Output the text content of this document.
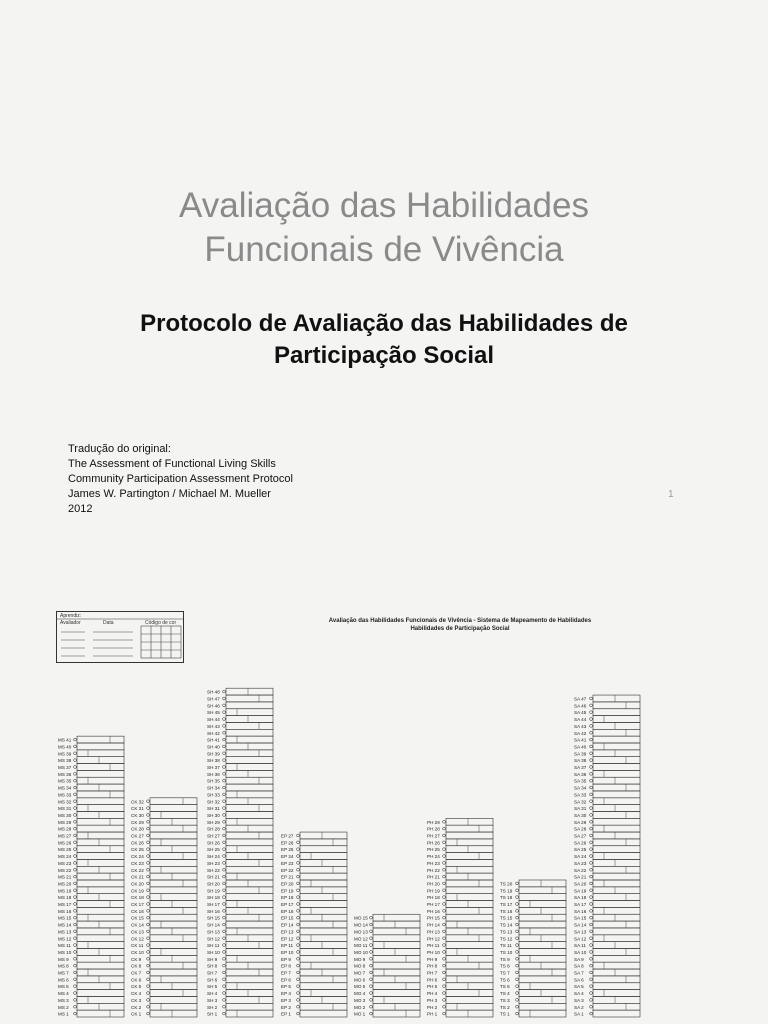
Avaliação das Habilidades
Funcionais de Vivência
Protocolo de Avaliação das Habilidades de
Participação Social
Tradução do original:
The Assessment of Functional Living Skills
Community Participation Assessment Protocol
James W. Partington / Michael M. Mueller
2012
1
Aprendiz:
Avaliador	Data	Código de cor	Avaliação das Habilidades Funcionais de Vivência - Sistema de Mapeamento de Habilidades
Habilidades de Participação Social
MS 1
MS 2
MS 3
MS 4
MS 5
MS 6
MS 7
MS 8
MS 9
MS 10
MS 11
MS 12
MS 13
MS 14
MS 15
MS 16
MS 17
MS 18
MS 19
MS 20
MS 21
MS 22
MS 23
MS 24
MS 25
MS 26
MS 27
MS 28
MS 29
MS 30
MS 31
MS 32
MS 33
MS 34
MS 35
MS 36
MS 37
MS 38
MS 39
MS 40
MS 41
CK 1
CK 2
CK 3
CK 4
CK 5
CK 6
CK 7
CK 8
CK 9
CK 10
CK 11
CK 12
CK 13
CK 14
CK 15
CK 16
CK 17
CK 18
CK 19
CK 20
CK 21
CK 22
CK 23
CK 24
CK 25
CK 26
CK 27
CK 28
CK 29
CK 30
CK 31
CK 32
SH 1
SH 2
SH 3
SH 4
SH 5
SH 6
SH 7
SH 8
SH 9
SH 10
SH 11
SH 12
SH 13
SH 14
SH 15
SH 16
SH 17
SH 18
SH 19
SH 20
SH 21
SH 22
SH 23
SH 24
SH 25
SH 26
SH 27
SH 28
SH 29
SH 30
SH 31
SH 32
SH 33
SH 34
SH 35
SH 36
SH 37
SH 38
SH 39
SH 40
SH 41
SH 42
SH 43
SH 44
SH 45
SH 46
SH 47
SH 48
EP 1
EP 2
EP 3
EP 4
EP 5
EP 6
EP 7
EP 8
EP 9
EP 10
EP 11
EP 12
EP 13
EP 14
EP 15
EP 16
EP 17
EP 18
EP 19
EP 20
EP 21
EP 22
EP 23
EP 24
EP 25
EP 26
EP 27
MO 1
MO 2
MO 3
MO 4
MO 5
MO 6
MO 7
MO 8
MO 9
MO 10
MO 11
MO 12
MO 13
MO 14
MO 15
PH 1
PH 2
PH 3
PH 4
PH 5
PH 6
PH 7
PH 8
PH 9
PH 10
PH 11
PH 12
PH 13
PH 14
PH 15
PH 16
PH 17
PH 18
PH 19
PH 20
PH 21
PH 22
PH 23
PH 24
PH 25
PH 26
PH 27
PH 28
PH 29
TS 1
TS 2
TS 3
TS 4
TS 5
TS 6
TS 7
TS 8
TS 9
TS 10
TS 11
TS 12
TS 13
TS 14
TS 15
TS 16
TS 17
TS 18
TS 19
TS 20
SA 1
SA 2
SA 3
SA 4
SA 5
SA 6
SA 7
SA 8
SA 9
SA 10
SA 11
SA 12
SA 13
SA 14
SA 15
SA 16
SA 17
SA 18
SA 19
SA 20
SA 21
SA 22
SA 23
SA 24
SA 25
SA 26
SA 27
SA 28
SA 29
SA 30
SA 31
SA 32
SA 33
SA 34
SA 35
SA 36
SA 37
SA 38
SA 39
SA 40
SA 41
SA 42
SA 43
SA 44
SA 45
SA 46
SA 47
